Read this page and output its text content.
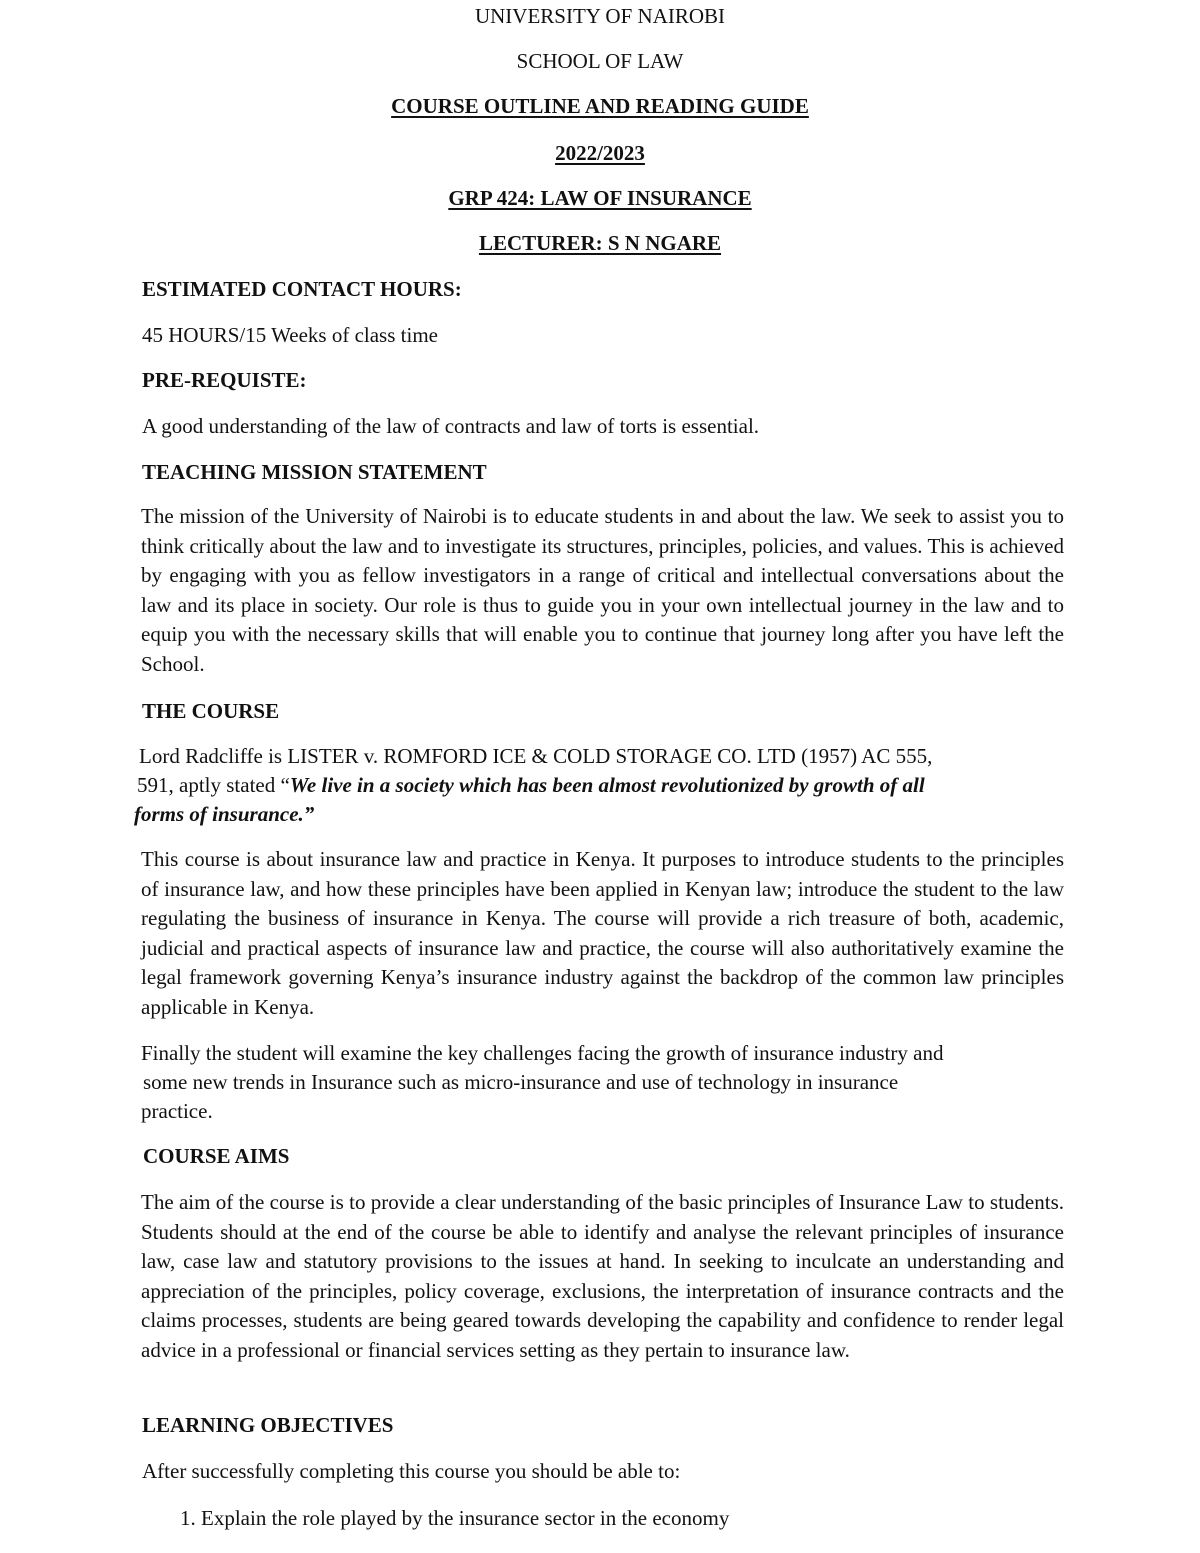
UNIVERSITY OF NAIROBI

SCHOOL OF LAW

COURSE OUTLINE AND READING GUIDE

2022/2023

GRP 424: LAW OF INSURANCE

LECTURER: S N NGARE

ESTIMATED CONTACT HOURS:

45 HOURS/15 Weeks of class time

PRE-REQUISTE:

A good understanding of the law of contracts and law of torts is essential.

TEACHING MISSION STATEMENT

The mission of the University of Nairobi is to educate students in and about the law. We seek to assist you to think critically about the law and to investigate its structures, principles, policies, and values. This is achieved by engaging with you as fellow investigators in a range of critical and intellectual conversations about the law and its place in society. Our role is thus to guide you in your own intellectual journey in the law and to equip you with the necessary skills that will enable you to continue that journey long after you have left the School.

THE COURSE

Lord Radcliffe is LISTER v. ROMFORD ICE & COLD STORAGE CO. LTD (1957) AC 555,

591, aptly stated “We live in a society which has been almost revolutionized by growth of all

forms of insurance.”

This course is about insurance law and practice in Kenya. It purposes to introduce students to the principles of insurance law, and how these principles have been applied in Kenyan law; introduce the student to the law regulating the business of insurance in Kenya. The course will provide a rich treasure of both, academic, judicial and practical aspects of insurance law and practice, the course will also authoritatively examine the legal framework governing Kenya’s insurance industry against the backdrop of the common law principles applicable in Kenya.

Finally the student will examine the key challenges facing the growth of insurance industry and

some new trends in Insurance such as micro-insurance and use of technology in insurance

practice.

COURSE AIMS

The aim of the course is to provide a clear understanding of the basic principles of Insurance Law to students. Students should at the end of the course be able to identify and analyse the relevant principles of insurance law, case law and statutory provisions to the issues at hand. In seeking to inculcate an understanding and appreciation of the principles, policy coverage, exclusions, the interpretation of insurance contracts and the claims processes, students are being geared towards developing the capability and confidence to render legal advice in a professional or financial services setting as they pertain to insurance law.

LEARNING OBJECTIVES

After successfully completing this course you should be able to:

1. Explain the role played by the insurance sector in the economy
